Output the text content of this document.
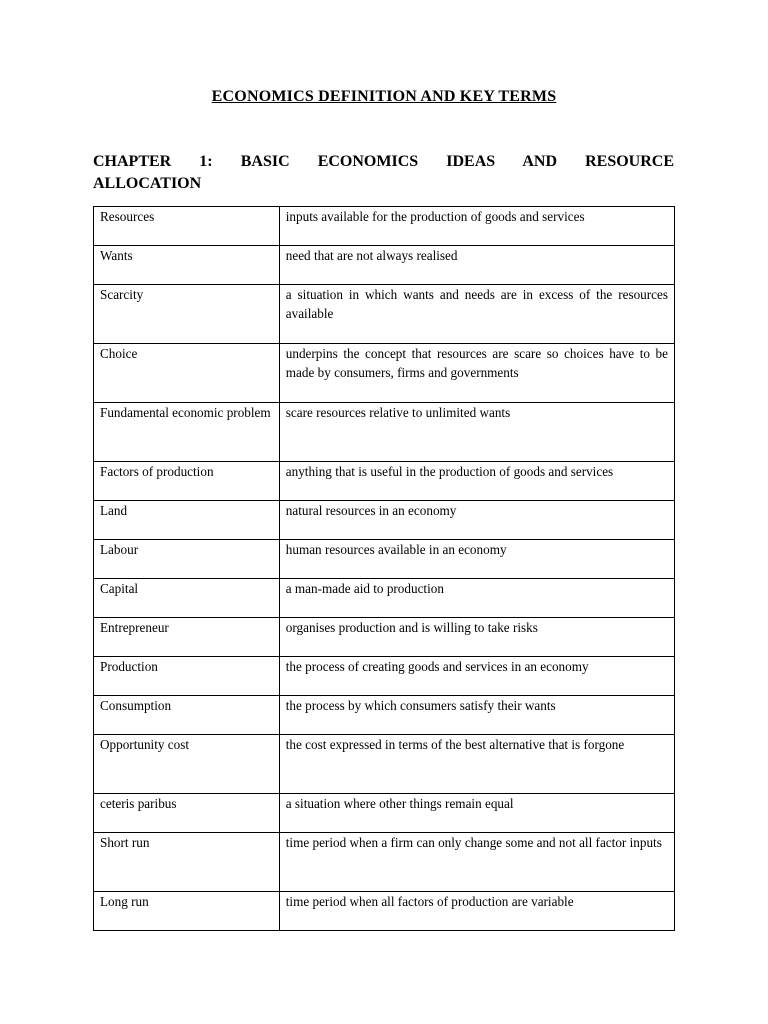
ECONOMICS DEFINITION AND KEY TERMS
CHAPTER 1: BASIC ECONOMICS IDEAS AND RESOURCE
ALLOCATION
Resources	inputs available for the production of goods and services

Wants	need that are not always realised

Scarcity	a situation in which wants and needs are in excess of the resources available

Choice	underpins the concept that resources are scare so choices have to be made by consumers, firms and governments

Fundamental economic problem	scare resources relative to unlimited wants

Factors of production	anything that is useful in the production of goods and services

Land	natural resources in an economy

Labour	human resources available in an economy

Capital	a man-made aid to production

Entrepreneur	organises production and is willing to take risks

Production	the process of creating goods and services in an economy

Consumption	the process by which consumers satisfy their wants

Opportunity cost	the cost expressed in terms of the best alternative that is forgone

ceteris paribus	a situation where other things remain equal

Short run	time period when a firm can only change some and not all factor inputs

Long run	time period when all factors of production are variable
